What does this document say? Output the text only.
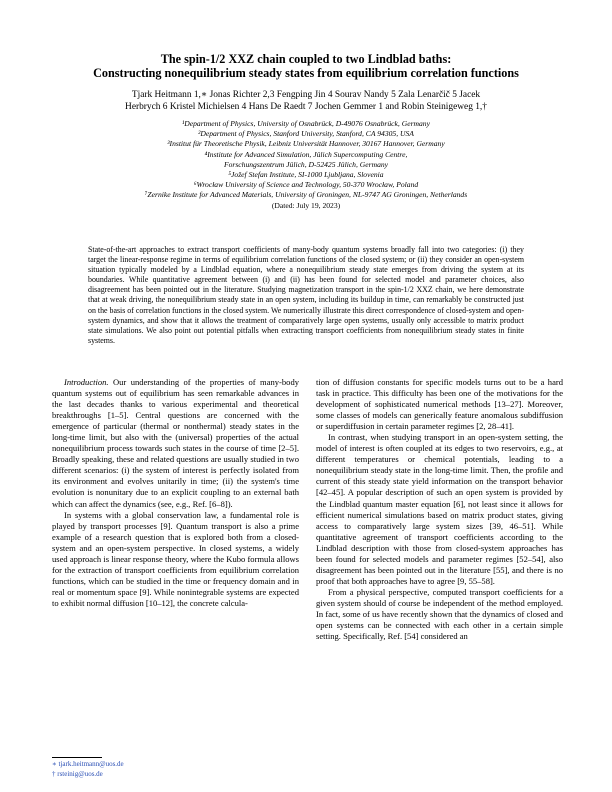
The spin-1/2 XXZ chain coupled to two Lindblad baths:
Constructing nonequilibrium steady states from equilibrium correlation functions
Tjark Heitmann 1,∗ Jonas Richter 2,3 Fengping Jin 4 Sourav Nandy 5 Zala Lenarčič 5 Jacek
Herbrych 6 Kristel Michielsen 4 Hans De Raedt 7 Jochen Gemmer 1 and Robin Steinigeweg 1,†
¹Department of Physics, University of Osnabrück, D-49076 Osnabrück, Germany
²Department of Physics, Stanford University, Stanford, CA 94305, USA
³Institut für Theoretische Physik, Leibniz Universität Hannover, 30167 Hannover, Germany
⁴Institute for Advanced Simulation, Jülich Supercomputing Centre,
Forschungszentrum Jülich, D-52425 Jülich, Germany
⁵Jožef Stefan Institute, SI-1000 Ljubljana, Slovenia
⁶Wrocław University of Science and Technology, 50-370 Wrocław, Poland
⁷Zernike Institute for Advanced Materials, University of Groningen, NL-9747 AG Groningen, Netherlands
(Dated: July 19, 2023)
State-of-the-art approaches to extract transport coefficients of many-body quantum systems broadly fall into two categories: (i) they target the linear-response regime in terms of equilibrium correlation functions of the closed system; or (ii) they consider an open-system situation typically modeled by a Lindblad equation, where a nonequilibrium steady state emerges from driving the system at its boundaries. While quantitative agreement between (i) and (ii) has been found for selected model and parameter choices, also disagreement has been pointed out in the literature. Studying magnetization transport in the spin-1/2 XXZ chain, we here demonstrate that at weak driving, the nonequilibrium steady state in an open system, including its buildup in time, can remarkably be constructed just on the basis of correlation functions in the closed system. We numerically illustrate this direct correspondence of closed-system and open-system dynamics, and show that it allows the treatment of comparatively large open systems, usually only accessible to matrix product state simulations. We also point out potential pitfalls when extracting transport coefficients from nonequilibrium steady states in finite systems.

Introduction. Our understanding of the properties of many-body quantum systems out of equilibrium has seen remarkable advances in the last decades thanks to various experimental and theoretical breakthroughs [1–5]. Central questions are concerned with the emergence of particular (thermal or nonthermal) steady states in the long-time limit, but also with the (universal) properties of the actual nonequilibrium process towards such states in the course of time [2–5]. Broadly speaking, these and related questions are usually studied in two different scenarios: (i) the system of interest is perfectly isolated from its environment and evolves unitarily in time; (ii) the system's time evolution is nonunitary due to an explicit coupling to an external bath which can affect the dynamics (see, e.g., Ref. [6–8]).

In systems with a global conservation law, a fundamental role is played by transport processes [9]. Quantum transport is also a prime example of a research question that is explored both from a closed-system and an open-system perspective. In closed systems, a widely used approach is linear response theory, where the Kubo formula allows for the extraction of transport coefficients from equilibrium correlation functions, which can be studied in the time or frequency domain and in real or momentum space [9]. While nonintegrable systems are expected to exhibit normal diffusion [10–12], the concrete calcula-

tion of diffusion constants for specific models turns out to be a hard task in practice. This difficulty has been one of the motivations for the development of sophisticated numerical methods [13–27]. Moreover, some classes of models can generically feature anomalous subdiffusion or superdiffusion in certain parameter regimes [2, 28–41].

In contrast, when studying transport in an open-system setting, the model of interest is often coupled at its edges to two reservoirs, e.g., at different temperatures or chemical potentials, leading to a nonequilibrium steady state in the long-time limit. Then, the profile and current of this steady state yield information on the transport behavior [42–45]. A popular description of such an open system is provided by the Lindblad quantum master equation [6], not least since it allows for efficient numerical simulations based on matrix product states, giving access to comparatively large system sizes [39, 46–51]. While quantitative agreement of transport coefficients according to the Lindblad description with those from closed-system approaches has been found for selected models and parameter regimes [52–54], also disagreement has been pointed out in the literature [55], and there is no proof that both approaches have to agree [9, 55–58].

From a physical perspective, computed transport coefficients for a given system should of course be independent of the method employed. In fact, some of us have recently shown that the dynamics of closed and open systems can be connected with each other in a certain simple setting. Specifically, Ref. [54] considered an

∗ tjark.heitmann@uos.de
† rsteinig@uos.de
